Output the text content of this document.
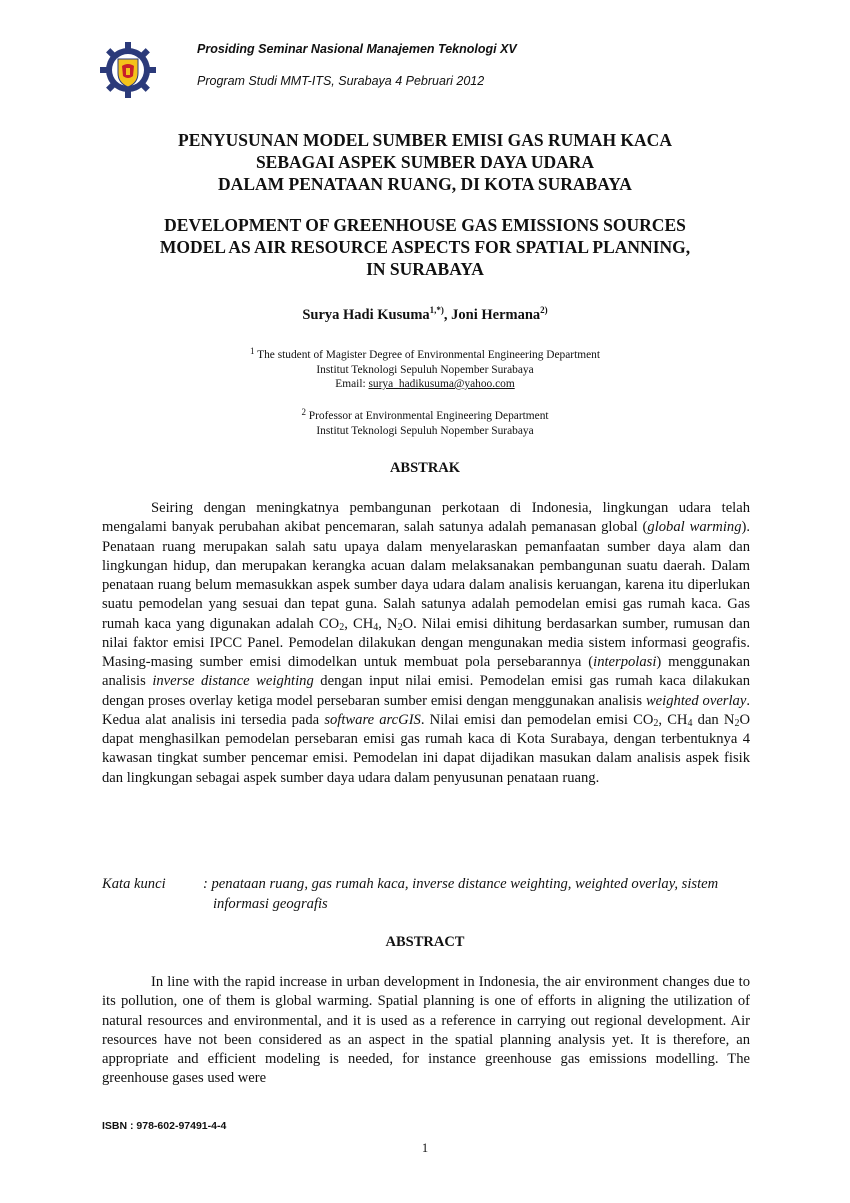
Prosiding Seminar Nasional Manajemen Teknologi XV
Program Studi MMT-ITS, Surabaya 4 Pebruari 2012
PENYUSUNAN MODEL SUMBER EMISI GAS RUMAH KACA
SEBAGAI ASPEK SUMBER DAYA UDARA
DALAM PENATAAN RUANG, DI KOTA SURABAYA
DEVELOPMENT OF GREENHOUSE GAS EMISSIONS SOURCES
MODEL AS AIR RESOURCE ASPECTS FOR SPATIAL PLANNING,
IN SURABAYA
Surya Hadi Kusuma$^{1,*)}$, Joni Hermana$^{2)}$
$^1$ The student of Magister Degree of Environmental Engineering Department
Institut Teknologi Sepuluh Nopember Surabaya
Email: surya_hadikusuma@yahoo.com
$^2$ Professor at Environmental Engineering Department
Institut Teknologi Sepuluh Nopember Surabaya
ABSTRAK

Seiring dengan meningkatnya pembangunan perkotaan di Indonesia, lingkungan udara telah mengalami banyak perubahan akibat pencemaran, salah satunya adalah pemanasan global (global warming). Penataan ruang merupakan salah satu upaya dalam menyelaraskan pemanfaatan sumber daya alam dan lingkungan hidup, dan merupakan kerangka acuan dalam melaksanakan pembangunan suatu daerah. Dalam penataan ruang belum memasukkan aspek sumber daya udara dalam analisis keruangan, karena itu diperlukan suatu pemodelan yang sesuai dan tepat guna. Salah satunya adalah pemodelan emisi gas rumah kaca. Gas rumah kaca yang digunakan adalah $CO_2$, $CH_4$, $N_2O$. Nilai emisi dihitung berdasarkan sumber, rumusan dan nilai faktor emisi IPCC Panel. Pemodelan dilakukan dengan mengunakan media sistem informasi geografis. Masing-masing sumber emisi dimodelkan untuk membuat pola persebarannya (interpolasi) menggunakan analisis inverse distance weighting dengan input nilai emisi. Pemodelan emisi gas rumah kaca dilakukan dengan proses overlay ketiga model persebaran sumber emisi dengan menggunakan analisis weighted overlay. Kedua alat analisis ini tersedia pada software arcGIS. Nilai emisi dan pemodelan emisi $CO_2$, $CH_4$ dan $N_2O$ dapat menghasilkan pemodelan persebaran emisi gas rumah kaca di Kota Surabaya, dengan terbentuknya 4 kawasan tingkat sumber pencemar emisi. Pemodelan ini dapat dijadikan masukan dalam analisis aspek fisik dan lingkungan sebagai aspek sumber daya udara dalam penyusunan penataan ruang.

Kata kunci	: penataan ruang, gas rumah kaca, inverse distance weighting, weighted overlay, sistem informasi geografis
ABSTRACT

In line with the rapid increase in urban development in Indonesia, the air environment changes due to its pollution, one of them is global warming. Spatial planning is one of efforts in aligning the utilization of natural resources and environmental, and it is used as a reference in carrying out regional development. Air resources have not been considered as an aspect in the spatial planning analysis yet. It is therefore, an appropriate and efficient modeling is needed, for instance greenhouse gas emissions modelling. The greenhouse gases used were

ISBN : 978-602-97491-4-4
1
